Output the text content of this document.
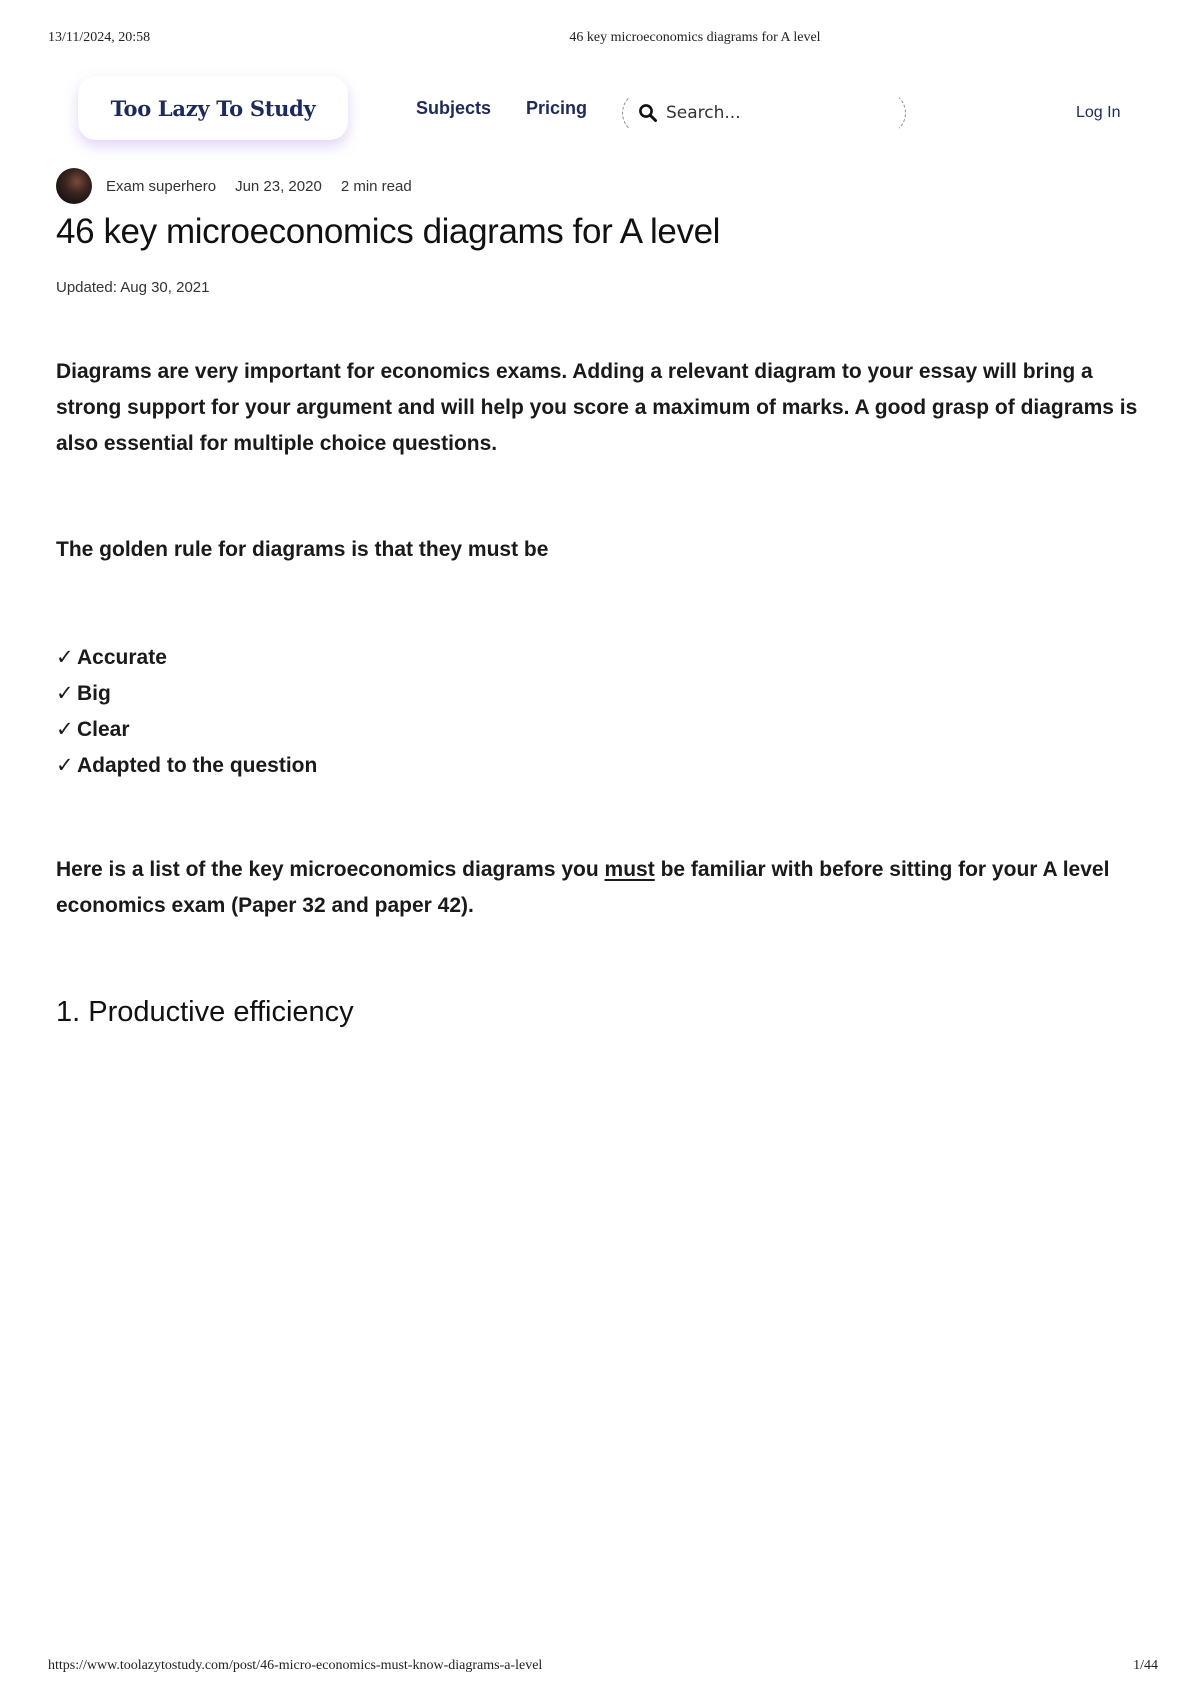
13/11/2024, 20:58	46 key microeconomics diagrams for A level
Too Lazy To Study	Subjects Pricing
Search...	Log In
Exam superhero Jun 23, 2020 2 min read
46 key microeconomics diagrams for A level
Updated: Aug 30, 2021

Diagrams are very important for economics exams. Adding a relevant diagram to your essay will bring a strong support for your argument and will help you score a maximum of marks. A good grasp of diagrams is also essential for multiple choice questions.

The golden rule for diagrams is that they must be

✓ Accurate
✓ Big
✓ Clear
✓ Adapted to the question

Here is a list of the key microeconomics diagrams you must be familiar with before sitting for your A level economics exam (Paper 32 and paper 42).

1. Productive efficiency
https://www.toolazytostudy.com/post/46-micro-economics-must-know-diagrams-a-level	1/44
